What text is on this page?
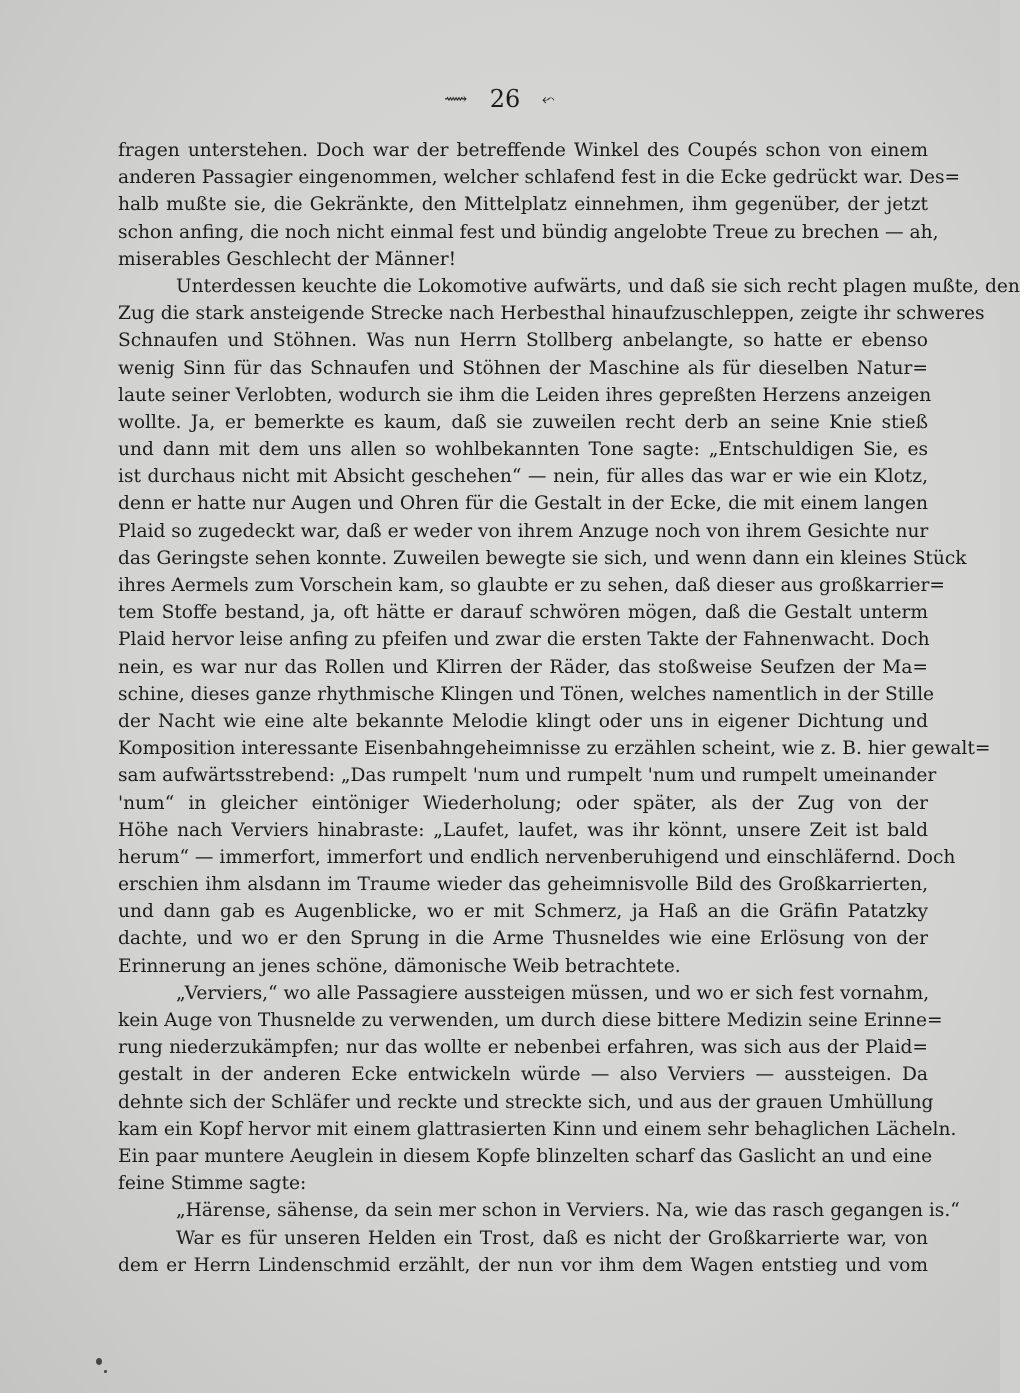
⟿ 26 ⬿
fragen unterstehen. Doch war der betreffende Winkel des Coupés schon von einem
anderen Passagier eingenommen, welcher schlafend fest in die Ecke gedrückt war. Des=
halb mußte sie, die Gekränkte, den Mittelplatz einnehmen, ihm gegenüber, der jetzt
schon anfing, die noch nicht einmal fest und bündig angelobte Treue zu brechen — ah,
miserables Geschlecht der Männer!
Unterdessen keuchte die Lokomotive aufwärts, und daß sie sich recht plagen mußte, den
Zug die stark ansteigende Strecke nach Herbesthal hinaufzuschleppen, zeigte ihr schweres
Schnaufen und Stöhnen. Was nun Herrn Stollberg anbelangte, so hatte er ebenso
wenig Sinn für das Schnaufen und Stöhnen der Maschine als für dieselben Natur=
laute seiner Verlobten, wodurch sie ihm die Leiden ihres gepreßten Herzens anzeigen
wollte. Ja, er bemerkte es kaum, daß sie zuweilen recht derb an seine Knie stieß
und dann mit dem uns allen so wohlbekannten Tone sagte: „Entschuldigen Sie, es
ist durchaus nicht mit Absicht geschehen“ — nein, für alles das war er wie ein Klotz,
denn er hatte nur Augen und Ohren für die Gestalt in der Ecke, die mit einem langen
Plaid so zugedeckt war, daß er weder von ihrem Anzuge noch von ihrem Gesichte nur
das Geringste sehen konnte. Zuweilen bewegte sie sich, und wenn dann ein kleines Stück
ihres Aermels zum Vorschein kam, so glaubte er zu sehen, daß dieser aus großkarrier=
tem Stoffe bestand, ja, oft hätte er darauf schwören mögen, daß die Gestalt unterm
Plaid hervor leise anfing zu pfeifen und zwar die ersten Takte der Fahnenwacht. Doch
nein, es war nur das Rollen und Klirren der Räder, das stoßweise Seufzen der Ma=
schine, dieses ganze rhythmische Klingen und Tönen, welches namentlich in der Stille
der Nacht wie eine alte bekannte Melodie klingt oder uns in eigener Dichtung und
Komposition interessante Eisenbahngeheimnisse zu erzählen scheint, wie z. B. hier gewalt=
sam aufwärtsstrebend: „Das rumpelt 'num und rumpelt 'num und rumpelt umeinander
'num“ in gleicher eintöniger Wiederholung; oder später, als der Zug von der
Höhe nach Verviers hinabraste: „Laufet, laufet, was ihr könnt, unsere Zeit ist bald
herum“ — immerfort, immerfort und endlich nervenberuhigend und einschläfernd. Doch
erschien ihm alsdann im Traume wieder das geheimnisvolle Bild des Großkarrierten,
und dann gab es Augenblicke, wo er mit Schmerz, ja Haß an die Gräfin Patatzky
dachte, und wo er den Sprung in die Arme Thusneldes wie eine Erlösung von der
Erinnerung an jenes schöne, dämonische Weib betrachtete.
„Verviers,“ wo alle Passagiere aussteigen müssen, und wo er sich fest vornahm,
kein Auge von Thusnelde zu verwenden, um durch diese bittere Medizin seine Erinne=
rung niederzukämpfen; nur das wollte er nebenbei erfahren, was sich aus der Plaid=
gestalt in der anderen Ecke entwickeln würde — also Verviers — aussteigen. Da
dehnte sich der Schläfer und reckte und streckte sich, und aus der grauen Umhüllung
kam ein Kopf hervor mit einem glattrasierten Kinn und einem sehr behaglichen Lächeln.
Ein paar muntere Aeuglein in diesem Kopfe blinzelten scharf das Gaslicht an und eine
feine Stimme sagte:
„Härense, sähense, da sein mer schon in Verviers. Na, wie das rasch gegangen is.“
War es für unseren Helden ein Trost, daß es nicht der Großkarrierte war, von
dem er Herrn Lindenschmid erzählt, der nun vor ihm dem Wagen entstieg und vom
